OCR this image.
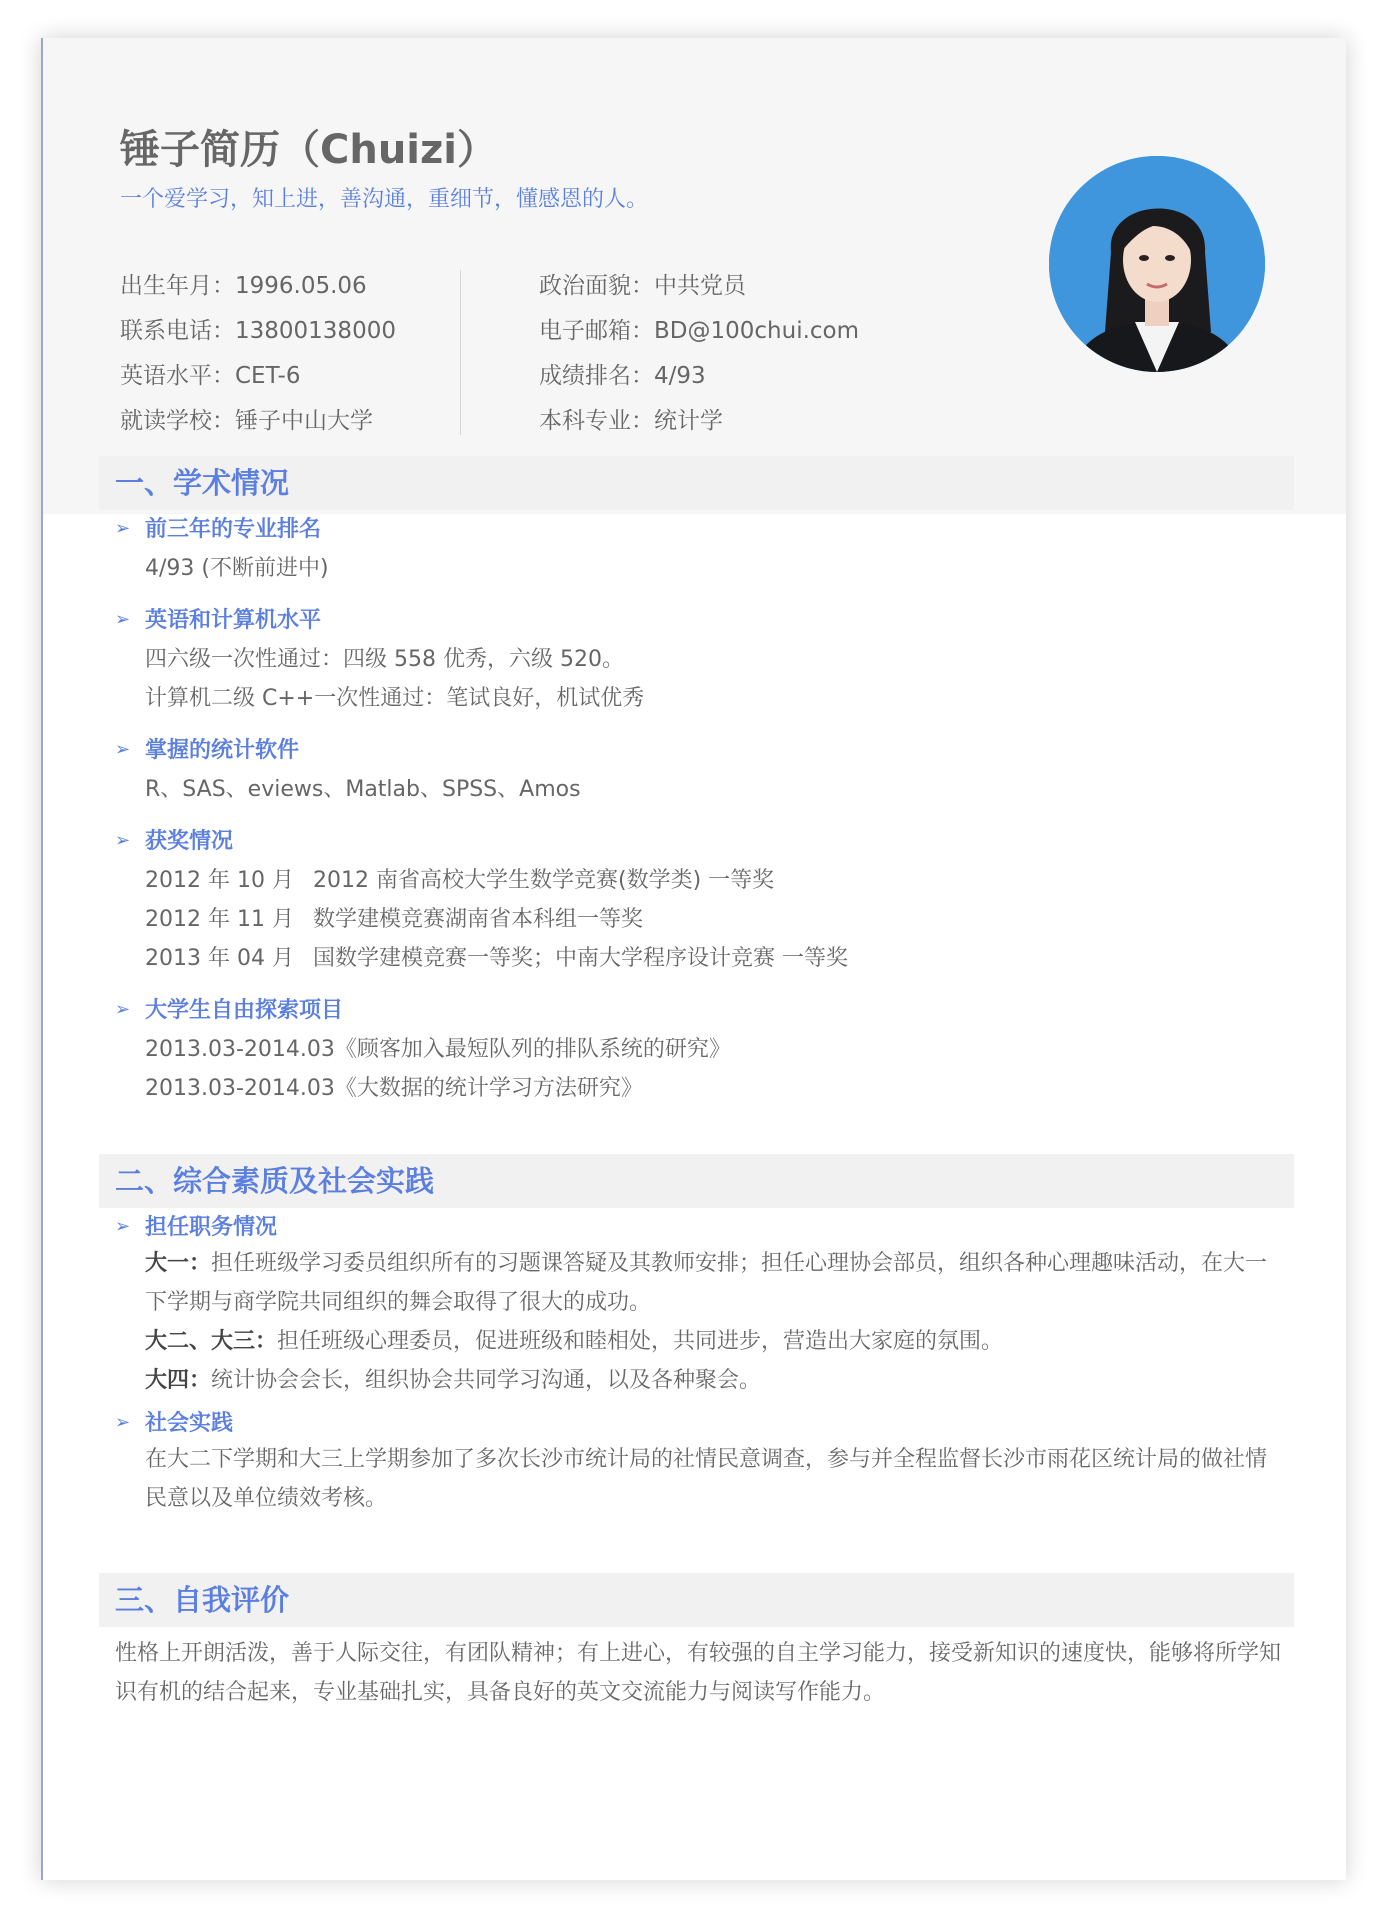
锤子简历（Chuizi）
一个爱学习，知上进，善沟通，重细节，懂感恩的人。
出生年月：1996.05.06
联系电话：13800138000
英语水平：CET-6
就读学校：锤子中山大学
政治面貌：中共党员
电子邮箱：BD@100chui.com
成绩排名：4/93
本科专业：统计学
一、学术情况
➢ 前三年的专业排名
4/93 (不断前进中)
➢ 英语和计算机水平
四六级一次性通过：四级 558 优秀，六级 520。
计算机二级 C++一次性通过：笔试良好，机试优秀
➢ 掌握的统计软件
R、SAS、eviews、Matlab、SPSS、Amos
➢ 获奖情况
2012 年 10 月 2012 南省高校大学生数学竞赛(数学类) 一等奖
2012 年 11 月 数学建模竞赛湖南省本科组一等奖
2013 年 04 月 国数学建模竞赛一等奖；中南大学程序设计竞赛 一等奖
➢ 大学生自由探索项目
2013.03-2014.03《顾客加入最短队列的排队系统的研究》
2013.03-2014.03《大数据的统计学习方法研究》
二、综合素质及社会实践
➢ 担任职务情况
大一：担任班级学习委员组织所有的习题课答疑及其教师安排；担任心理协会部员，组织各种心理趣味活动，在大一下学期与商学院共同组织的舞会取得了很大的成功。
大二、大三：担任班级心理委员，促进班级和睦相处，共同进步，营造出大家庭的氛围。
大四：统计协会会长，组织协会共同学习沟通，以及各种聚会。
➢ 社会实践
在大二下学期和大三上学期参加了多次长沙市统计局的社情民意调查，参与并全程监督长沙市雨花区统计局的做社情民意以及单位绩效考核。
三、自我评价
性格上开朗活泼，善于人际交往，有团队精神；有上进心，有较强的自主学习能力，接受新知识的速度快，能够将所学知识有机的结合起来，专业基础扎实，具备良好的英文交流能力与阅读写作能力。
